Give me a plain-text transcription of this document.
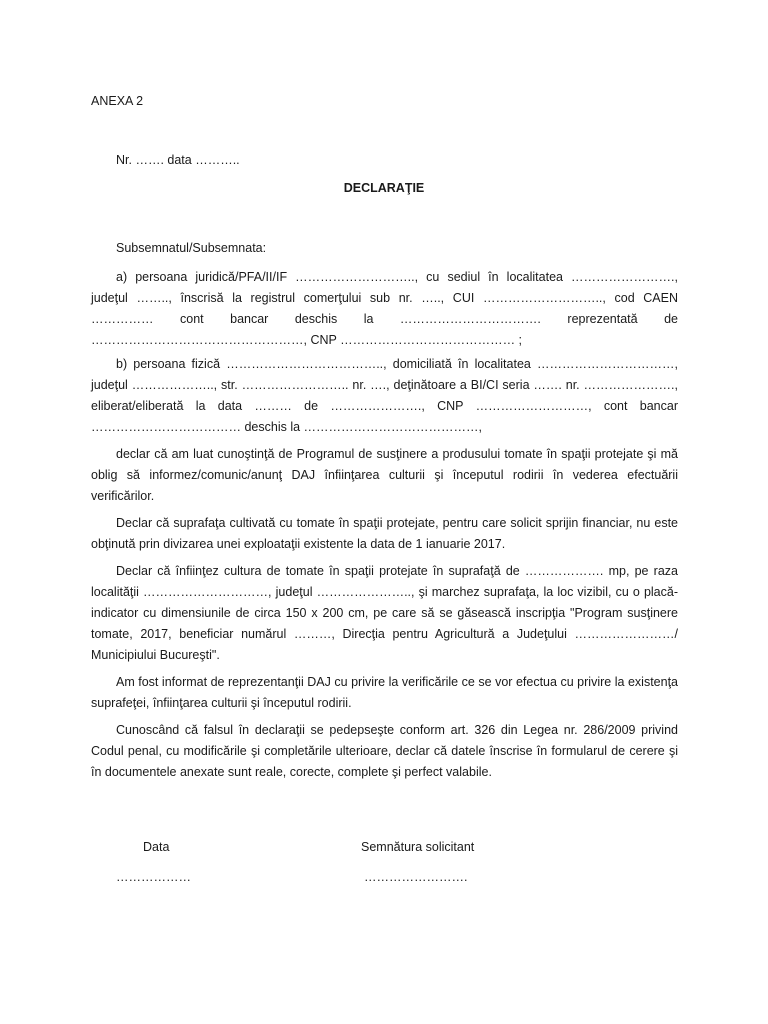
ANEXA 2
Nr. ……. data ………..
DECLARAŢIE

Subsemnatul/Subsemnata:

a) persoana juridică/PFA/II/IF ……………………….., cu sediul în localitatea ……………………., judeţul …….., înscrisă la registrul comerţului sub nr. ….., CUI ……………………….., cod CAEN …………… cont bancar deschis la ……………………………. reprezentată de ……………………………………………, CNP …………………………………… ;

b) persoana fizică ……………………………….., domiciliată în localitatea ……………………………, judeţul ……………….., str. …………………….. nr. …., deţinătoare a BI/CI seria ……. nr. …………………., eliberat/eliberată la data ……… de …………………., CNP ………………………, cont bancar ……………………………… deschis la ……………………………………,

declar că am luat cunoştinţă de Programul de susţinere a produsului tomate în spaţii protejate şi mă oblig să informez/comunic/anunţ DAJ înfiinţarea culturii şi începutul rodirii în vederea efectuării verificărilor.

Declar că suprafaţa cultivată cu tomate în spaţii protejate, pentru care solicit sprijin financiar, nu este obţinută prin divizarea unei exploataţii existente la data de 1 ianuarie 2017.

Declar că înfiinţez cultura de tomate în spaţii protejate în suprafaţă de ………………. mp, pe raza localităţii …………………………, judeţul ………………….., şi marchez suprafaţa, la loc vizibil, cu o placă-indicator cu dimensiunile de circa 150 x 200 cm, pe care să se găsească inscripţia "Program susţinere tomate, 2017, beneficiar numărul ………, Direcţia pentru Agricultură a Judeţului ……………………/ Municipiului Bucureşti".

Am fost informat de reprezentanţii DAJ cu privire la verificările ce se vor efectua cu privire la existenţa suprafeţei, înfiinţarea culturii şi începutul rodirii.

Cunoscând că falsul în declaraţii se pedepseşte conform art. 326 din Legea nr. 286/2009 privind Codul penal, cu modificările şi completările ulterioare, declar că datele înscrise în formularul de cerere şi în documentele anexate sunt reale, corecte, complete şi perfect valabile.

Data	Semnătura solicitant
………………	…………………….
